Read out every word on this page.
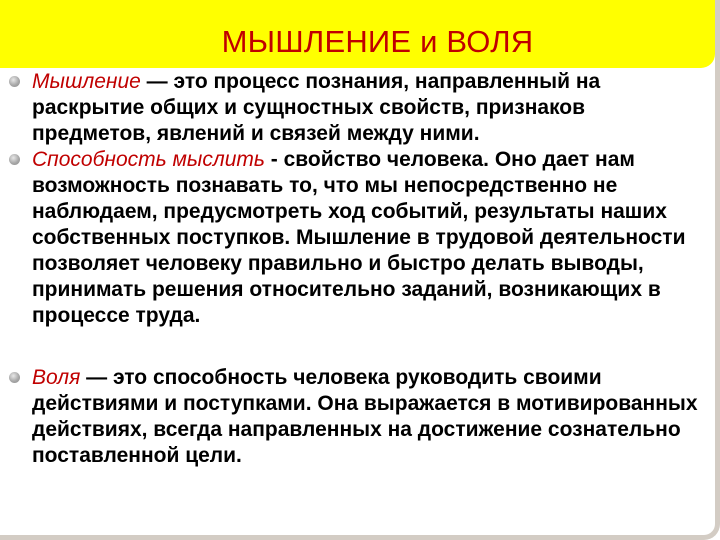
МЫШЛЕНИЕ и ВОЛЯ
Мышление — это процесс познания, направленный на раскрытие общих и сущностных свойств, признаков предметов, явлений и связей между ними.
Способность мыслить - свойство человека. Оно дает нам возможность познавать то, что мы непосредственно не наблюдаем, предусмотреть ход событий, результаты наших собственных поступков. Мышление в трудовой деятельности позволяет человеку правильно и быстро делать выводы, принимать решения относительно заданий, возникающих в процессе труда.
Воля — это способность человека руководить своими действиями и поступками. Она выражается в мотивированных действиях, всегда направленных на достижение сознательно поставленной цели.
